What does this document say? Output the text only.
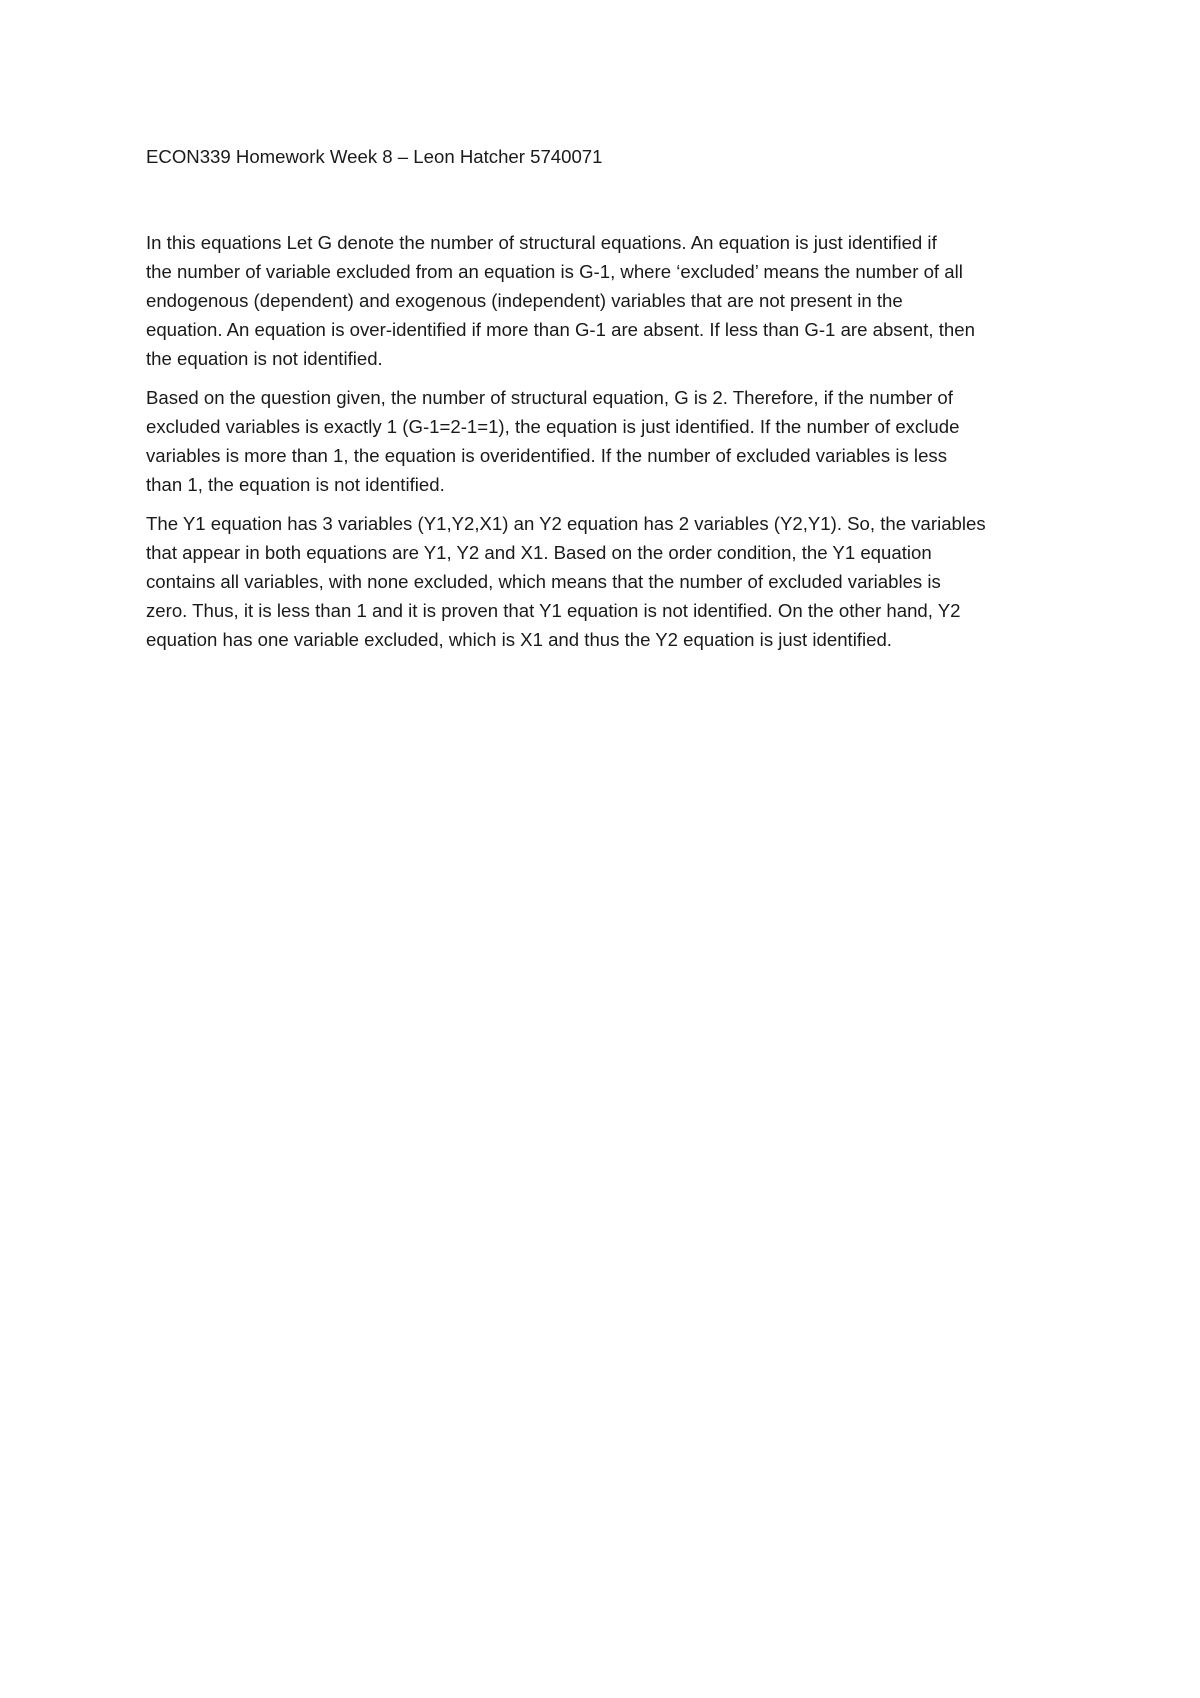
ECON339 Homework Week 8 – Leon Hatcher 5740071

In this equations Let G denote the number of structural equations. An equation is just identified if
the number of variable excluded from an equation is G-1, where ‘excluded’ means the number of all
endogenous (dependent) and exogenous (independent) variables that are not present in the
equation. An equation is over-identified if more than G-1 are absent. If less than G-1 are absent, then
the equation is not identified.
Based on the question given, the number of structural equation, G is 2. Therefore, if the number of
excluded variables is exactly 1 (G-1=2-1=1), the equation is just identified. If the number of exclude
variables is more than 1, the equation is overidentified. If the number of excluded variables is less
than 1, the equation is not identified.
The Y1 equation has 3 variables (Y1,Y2,X1) an Y2 equation has 2 variables (Y2,Y1). So, the variables
that appear in both equations are Y1, Y2 and X1. Based on the order condition, the Y1 equation
contains all variables, with none excluded, which means that the number of excluded variables is
zero. Thus, it is less than 1 and it is proven that Y1 equation is not identified. On the other hand, Y2
equation has one variable excluded, which is X1 and thus the Y2 equation is just identified.
